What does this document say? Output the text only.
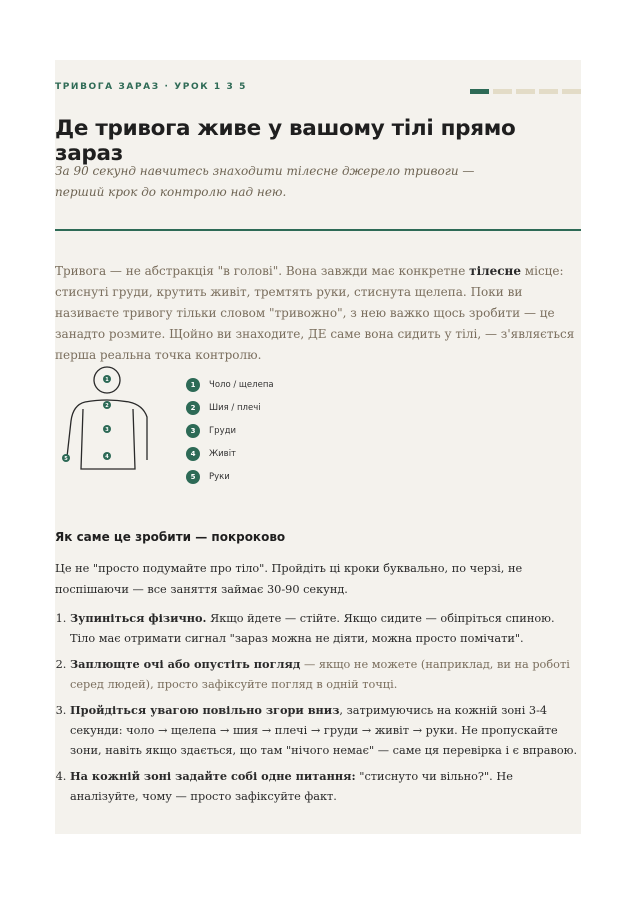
ТРИВОГА ЗАРАЗ · УРОК 1 3 5
Де тривога живе у вашому тілі прямо зараз
За 90 секунд навчитесь знаходити тілесне джерело тривоги — перший крок до контролю над нею.

Тривога — не абстракція "в голові". Вона завжди має конкретне тілесне місце: стиснуті груди, крутить живіт, тремтять руки, стиснута щелепа. Поки ви називаєте тривогу тільки словом "тривожно", з нею важко щось зробити — це занадто розмите. Щойно ви знаходите, ДЕ саме вона сидить у тілі, — з'являється перша реальна точка контролю.

1
2
3
4
5
1	Чоло / щелепа
2	Шия / плечі
3	Груди
4	Живіт
5	Руки
Як саме це зробити — покроково
Це не "просто подумайте про тіло". Пройдіть ці кроки буквально, по черзі, не поспішаючи — все заняття займає 30-90 секунд.
1. Зупиніться фізично. Якщо йдете — стійте. Якщо сидите — обіпріться спиною. Тіло має отримати сигнал "зараз можна не діяти, можна просто помічати".
2. Заплющте очі або опустіть погляд — якщо не можете (наприклад, ви на роботі серед людей), просто зафіксуйте погляд в одній точці.
3. Пройдіться увагою повільно згори вниз, затримуючись на кожній зоні 3-4 секунди: чоло → щелепа → шия → плечі → груди → живіт → руки. Не пропускайте зони, навіть якщо здається, що там "нічого немає" — саме ця перевірка і є вправою.
4. На кожній зоні задайте собі одне питання: "стиснуто чи вільно?". Не аналізуйте, чому — просто зафіксуйте факт.
